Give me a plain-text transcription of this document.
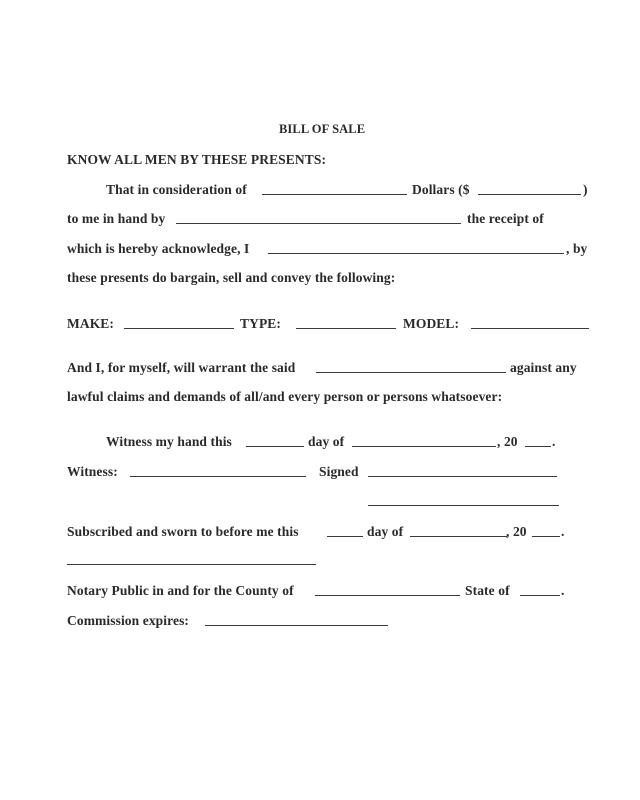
BILL OF SALE
KNOW ALL MEN BY THESE PRESENTS:
That in consideration of	Dollars ($	)
to me in hand by	the receipt of
which is hereby acknowledge, I	, by
these presents do bargain, sell and convey the following:
MAKE:	TYPE:	MODEL:
And I, for myself, will warrant the said	against any
lawful claims and demands of all/and every person or persons whatsoever:
Witness my hand this	day of	, 20	.
Witness:	Signed
Subscribed and sworn to before me this	day of	, 20	.
Notary Public in and for the County of	State of	.
Commission expires:
